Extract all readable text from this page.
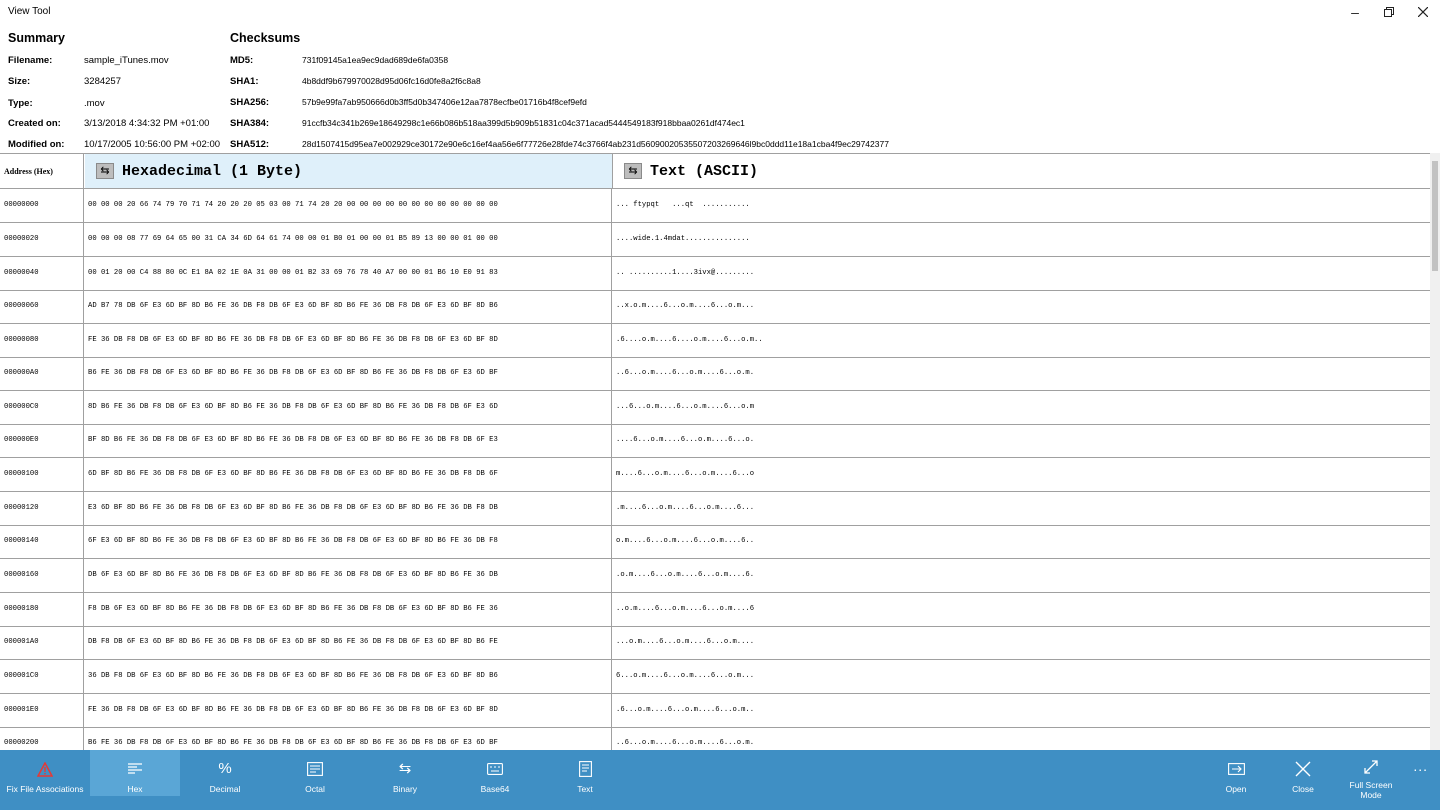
View Tool	–
Summary
Filename:	sample_iTunes.mov
Size:	3284257
Type:	.mov
Created on: 3/13/2018 4:34:32 PM +01:00
Modified on: 10/17/2005 10:56:00 PM +02:00
Checksums
MD5:	731f09145a1ea9ec9dad689de6fa0358
SHA1:	4b8ddf9b679970028d95d06fc16d0fe8a2f6c8a8
SHA256:	57b9e99fa7ab950666d0b3ff5d0b347406e12aa7878ecfbe01716b4f8cef9efd
SHA384:	91ccfb34c341b269e18649298c1e66b086b518aa399d5b909b51831c04c371acad5444549183f918bbaa0261df474ec1
SHA512:	28d1507415d95ea7e002929ce30172e90e6c16ef4aa56e6f77726e28fde74c3766f4ab231d56090020535507203269646l9bc0ddd11e18a1cba4f9ec29742377
Address (Hex)	⇆ Hexadecimal (1 Byte)	⇆ Text (ASCII)
00000000	00 00 00 20 66 74 79 70 71 74 20 20 20 05 03 00 71 74 20 20 00 00 00 00 00 00 00 00 00 00 00 00	... ftypqt   ...qt  ...........
00000020	00 00 00 08 77 69 64 65 00 31 CA 34 6D 64 61 74 00 00 01 B0 01 00 00 01 B5 89 13 00 00 01 00 00	....wide.1.4mdat...............
00000040	00 01 20 00 C4 88 80 0C E1 8A 02 1E 0A 31 00 00 01 B2 33 69 76 78 40 A7 00 00 01 B6 10 E0 91 83	.. ..........1....3ivx@.........
00000060	AD B7 78 DB 6F E3 6D BF 8D B6 FE 36 DB F8 DB 6F E3 6D BF 8D B6 FE 36 DB F8 DB 6F E3 6D BF 8D B6	..x.o.m....6...o.m....6...o.m...
00000080	FE 36 DB F8 DB 6F E3 6D BF 8D B6 FE 36 DB F8 DB 6F E3 6D BF 8D B6 FE 36 DB F8 DB 6F E3 6D BF 8D	.6....o.m....6....o.m....6...o.m..
000000A0	B6 FE 36 DB F8 DB 6F E3 6D BF 8D B6 FE 36 DB F8 DB 6F E3 6D BF 8D B6 FE 36 DB F8 DB 6F E3 6D BF	..6...o.m....6...o.m....6...o.m.
000000C0	8D B6 FE 36 DB F8 DB 6F E3 6D BF 8D B6 FE 36 DB F8 DB 6F E3 6D BF 8D B6 FE 36 DB F8 DB 6F E3 6D	...6...o.m....6...o.m....6...o.m
000000E0	BF 8D B6 FE 36 DB F8 DB 6F E3 6D BF 8D B6 FE 36 DB F8 DB 6F E3 6D BF 8D B6 FE 36 DB F8 DB 6F E3	....6...o.m....6...o.m....6...o.
00000100	6D BF 8D B6 FE 36 DB F8 DB 6F E3 6D BF 8D B6 FE 36 DB F8 DB 6F E3 6D BF 8D B6 FE 36 DB F8 DB 6F	m....6...o.m....6...o.m....6...o
00000120	E3 6D BF 8D B6 FE 36 DB F8 DB 6F E3 6D BF 8D B6 FE 36 DB F8 DB 6F E3 6D BF 8D B6 FE 36 DB F8 DB	.m....6...o.m....6...o.m....6...
00000140	6F E3 6D BF 8D B6 FE 36 DB F8 DB 6F E3 6D BF 8D B6 FE 36 DB F8 DB 6F E3 6D BF 8D B6 FE 36 DB F8	o.m....6...o.m....6...o.m....6..
00000160	DB 6F E3 6D BF 8D B6 FE 36 DB F8 DB 6F E3 6D BF 8D B6 FE 36 DB F8 DB 6F E3 6D BF 8D B6 FE 36 DB	.o.m....6...o.m....6...o.m....6.
00000180	F8 DB 6F E3 6D BF 8D B6 FE 36 DB F8 DB 6F E3 6D BF 8D B6 FE 36 DB F8 DB 6F E3 6D BF 8D B6 FE 36	..o.m....6...o.m....6...o.m....6
000001A0	DB F8 DB 6F E3 6D BF 8D B6 FE 36 DB F8 DB 6F E3 6D BF 8D B6 FE 36 DB F8 DB 6F E3 6D BF 8D B6 FE	...o.m....6...o.m....6...o.m....
000001C0	36 DB F8 DB 6F E3 6D BF 8D B6 FE 36 DB F8 DB 6F E3 6D BF 8D B6 FE 36 DB F8 DB 6F E3 6D BF 8D B6	6...o.m....6...o.m....6...o.m...
000001E0	FE 36 DB F8 DB 6F E3 6D BF 8D B6 FE 36 DB F8 DB 6F E3 6D BF 8D B6 FE 36 DB F8 DB 6F E3 6D BF 8D	.6...o.m....6...o.m....6...o.m..
00000200	B6 FE 36 DB F8 DB 6F E3 6D BF 8D B6 FE 36 DB F8 DB 6F E3 6D BF 8D B6 FE 36 DB F8 DB 6F E3 6D BF	..6...o.m....6...o.m....6...o.m.
Fix File Associations	Hex
%
Decimal	Octal
⇆
Binary	Base64	Text	Open	Close	Full Screen Mode
...
